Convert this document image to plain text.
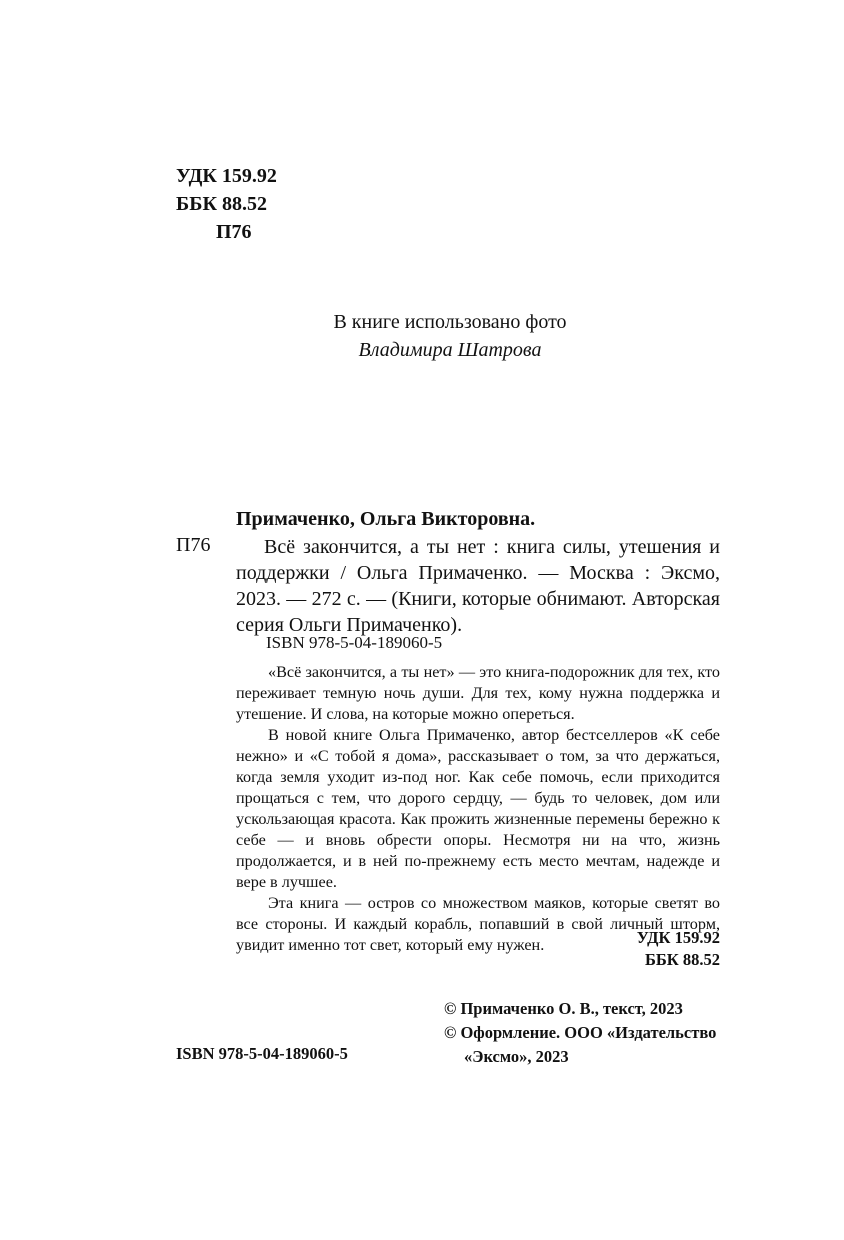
УДК 159.92
ББК 88.52
П76
В книге использовано фото
Владимира Шатрова
Примаченко, Ольга Викторовна.
П76	Всё закончится, а ты нет : книга силы, утешения и поддержки / Ольга Примаченко. — Москва : Эксмо, 2023. — 272 с. — (Книги, которые обнимают. Авторская серия Ольги Примаченко).
ISBN 978-5-04-189060-5

«Всё закончится, а ты нет» — это книга-подорожник для тех, кто переживает темную ночь души. Для тех, кому нужна поддержка и утешение. И слова, на которые можно опереться.

В новой книге Ольга Примаченко, автор бестселлеров «К себе нежно» и «С тобой я дома», рассказывает о том, за что держаться, когда земля уходит из-под ног. Как себе помочь, если приходится прощаться с тем, что дорого сердцу, — будь то человек, дом или ускользающая красота. Как прожить жизненные перемены бережно к себе — и вновь обрести опоры. Несмотря ни на что, жизнь продолжается, и в ней по-прежнему есть место мечтам, надежде и вере в лучшее.

Эта книга — остров со множеством маяков, которые светят во все стороны. И каждый корабль, попавший в свой личный шторм, увидит именно тот свет, который ему нужен.	УДК 159.92
ББК 88.52
© Примаченко О. В., текст, 2023
© Оформление. ООО «Издательство
«Эксмо», 2023
ISBN 978-5-04-189060-5
